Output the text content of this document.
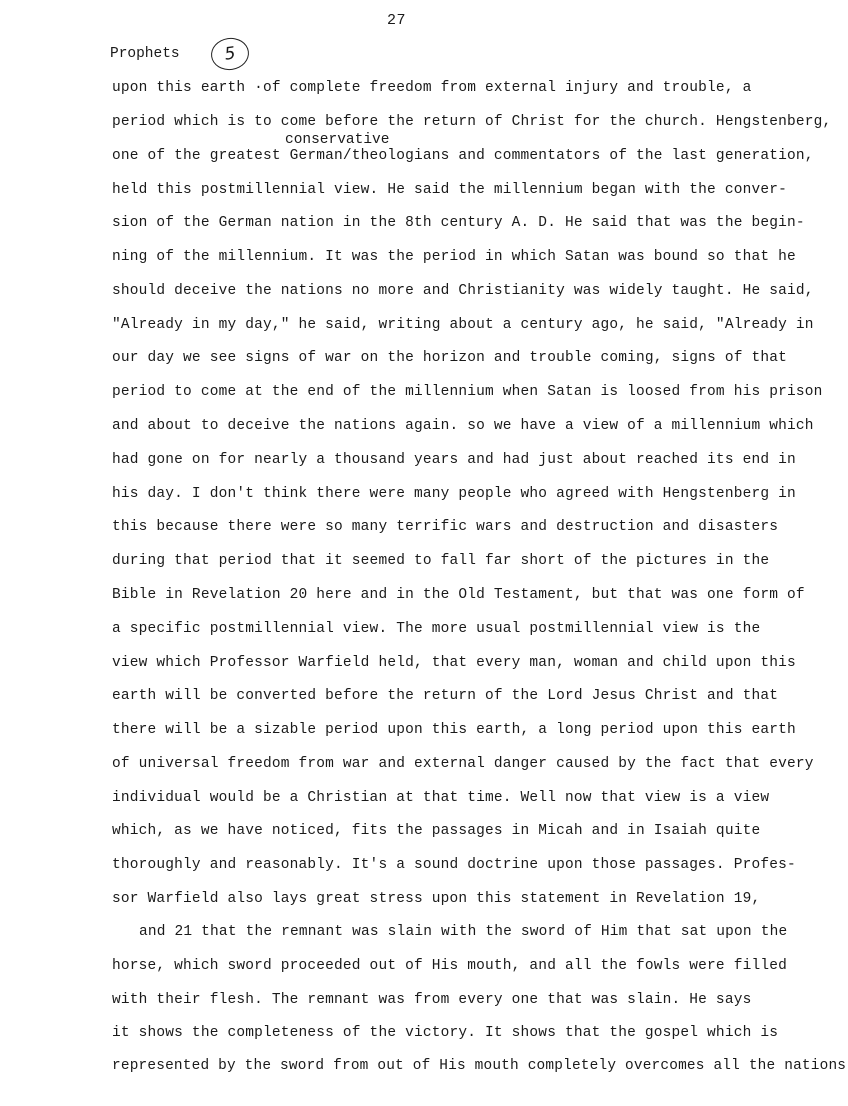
27
Prophets	5
conservative
upon this earth ·of complete freedom from external injury and trouble, a
period which is to come before the return of Christ for the church. Hengstenberg,
one of the greatest German/theologians and commentators of the last generation,
held this postmillennial view. He said the millennium began with the conver-
sion of the German nation in the 8th century A. D. He said that was the begin-
ning of the millennium. It was the period in which Satan was bound so that he
should deceive the nations no more and Christianity was widely taught. He said,
"Already in my day," he said, writing about a century ago, he said, "Already in
our day we see signs of war on the horizon and trouble coming, signs of that
period to come at the end of the millennium when Satan is loosed from his prison
and about to deceive the nations again. so we have a view of a millennium which
had gone on for nearly a thousand years and had just about reached its end in
his day. I don't think there were many people who agreed with Hengstenberg in
this because there were so many terrific wars and destruction and disasters
during that period that it seemed to fall far short of the pictures in the
Bible in Revelation 20 here and in the Old Testament, but that was one form of
a specific postmillennial view. The more usual postmillennial view is the
view which Professor Warfield held, that every man, woman and child upon this
earth will be converted before the return of the Lord Jesus Christ and that
there will be a sizable period upon this earth, a long period upon this earth
of universal freedom from war and external danger caused by the fact that every
individual would be a Christian at that time. Well now that view is a view
which, as we have noticed, fits the passages in Micah and in Isaiah quite
thoroughly and reasonably. It's a sound doctrine upon those passages. Profes-
sor Warfield also lays great stress upon this statement in Revelation 19,
and 21 that the remnant was slain with the sword of Him that sat upon the
horse, which sword proceeded out of His mouth, and all the fowls were filled
with their flesh. The remnant was from every one that was slain. He says
it shows the completeness of the victory. It shows that the gospel which is
represented by the sword from out of His mouth completely overcomes all the nations
